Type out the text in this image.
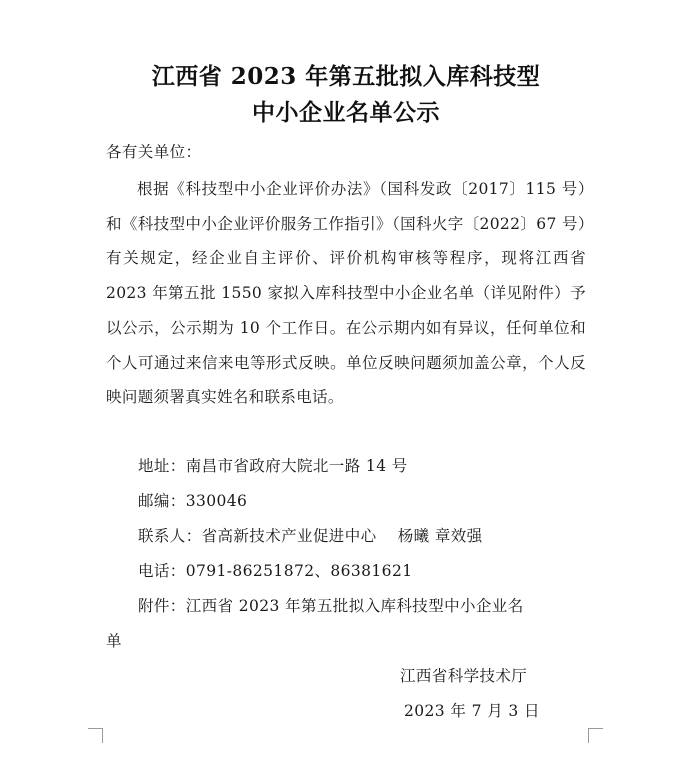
江西省 2023 年第五批拟入库科技型
中小企业名单公示
各有关单位：

根据《科技型中小企业评价办法》（国科发政〔2017〕115 号）和《科技型中小企业评价服务工作指引》（国科火字〔2022〕67 号）有关规定，经企业自主评价、评价机构审核等程序，现将江西省 2023 年第五批 1550 家拟入库科技型中小企业名单（详见附件）予以公示，公示期为 10 个工作日。在公示期内如有异议，任何单位和个人可通过来信来电等形式反映。单位反映问题须加盖公章，个人反映问题须署真实姓名和联系电话。

地址：南昌市省政府大院北一路 14 号
邮编：330046
联系人：省高新技术产业促进中心　 杨曦 章效强
电话：0791-86251872、86381621
附件：江西省 2023 年第五批拟入库科技型中小企业名
单
江西省科学技术厅
2023 年 7 月 3 日
